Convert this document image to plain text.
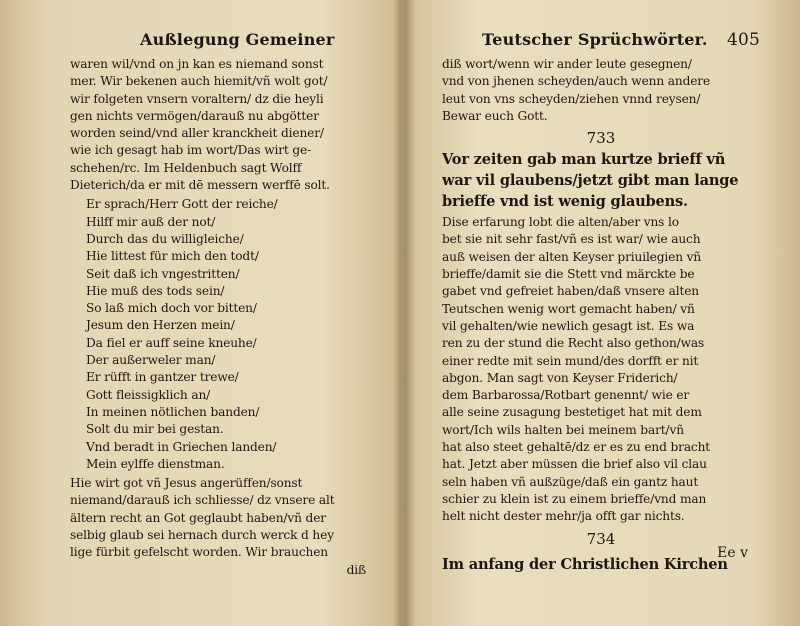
Außlegung Gemeiner
waren wil/vnd on jn kan es niemand sonst
mer. Wir bekenen auch hiemit/vñ wolt got/
wir folgeten vnsern voraltern/ dz die heyli
gen nichts vermögen/darauß nu abgötter
worden seind/vnd aller kranckheit diener/
wie ich gesagt hab im wort/Das wirt ge-
schehen/rc. Im Heldenbuch sagt Wolff
Dieterich/da er mit dē messern werffē solt.
Er sprach/Herr Gott der reiche/
Hilff mir auß der not/
Durch das du willigleiche/
Hie littest für mich den todt/
Seit daß ich vngestritten/
Hie muß des tods sein/
So laß mich doch vor bitten/
Jesum den Herzen mein/
Da fiel er auff seine kneuhe/
Der außerweler man/
Er rüfft in gantzer trewe/
Gott fleissigklich an/
In meinen nötlichen banden/
Solt du mir bei gestan.
Vnd beradt in Griechen landen/
Mein eylffe dienstman.
Hie wirt got vñ Jesus angerüffen/sonst
niemand/darauß ich schliesse/ dz vnsere alt
ältern recht an Got geglaubt haben/vñ der
selbig glaub sei hernach durch werck d hey
lige fürbit gefelscht worden. Wir brauchen
diß
Teutscher Sprüchwörter. 405
diß wort/wenn wir ander leute gesegnen/
vnd von jhenen scheyden/auch wenn andere
leut von vns scheyden/ziehen vnnd reysen/
Bewar euch Gott.
733
Vor zeiten gab man kurtze brieff vñ
war vil glaubens/jetzt gibt man lange
brieffe vnd ist wenig glaubens.
Dise erfarung lobt die alten/aber vns lo
bet sie nit sehr fast/vñ es ist war/ wie auch
auß weisen der alten Keyser priuilegien vñ
brieffe/damit sie die Stett vnd märckte be
gabet vnd gefreiet haben/daß vnsere alten
Teutschen wenig wort gemacht haben/ vñ
vil gehalten/wie newlich gesagt ist. Es wa
ren zu der stund die Recht also gethon/was
einer redte mit sein mund/des dorfft er nit
abgon. Man sagt von Keyser Friderich/
dem Barbarossa/Rotbart genennt/ wie er
alle seine zusagung bestetiget hat mit dem
wort/Ich wils halten bei meinem bart/vñ
hat also steet gehaltē/dz er es zu end bracht
hat. Jetzt aber müssen die brief also vil clau
seln haben vñ außzüge/daß ein gantz haut
schier zu klein ist zu einem brieffe/vnd man
helt nicht dester mehr/ja offt gar nichts.
734
Im anfang der Christlichen Kirchen
Ee v
